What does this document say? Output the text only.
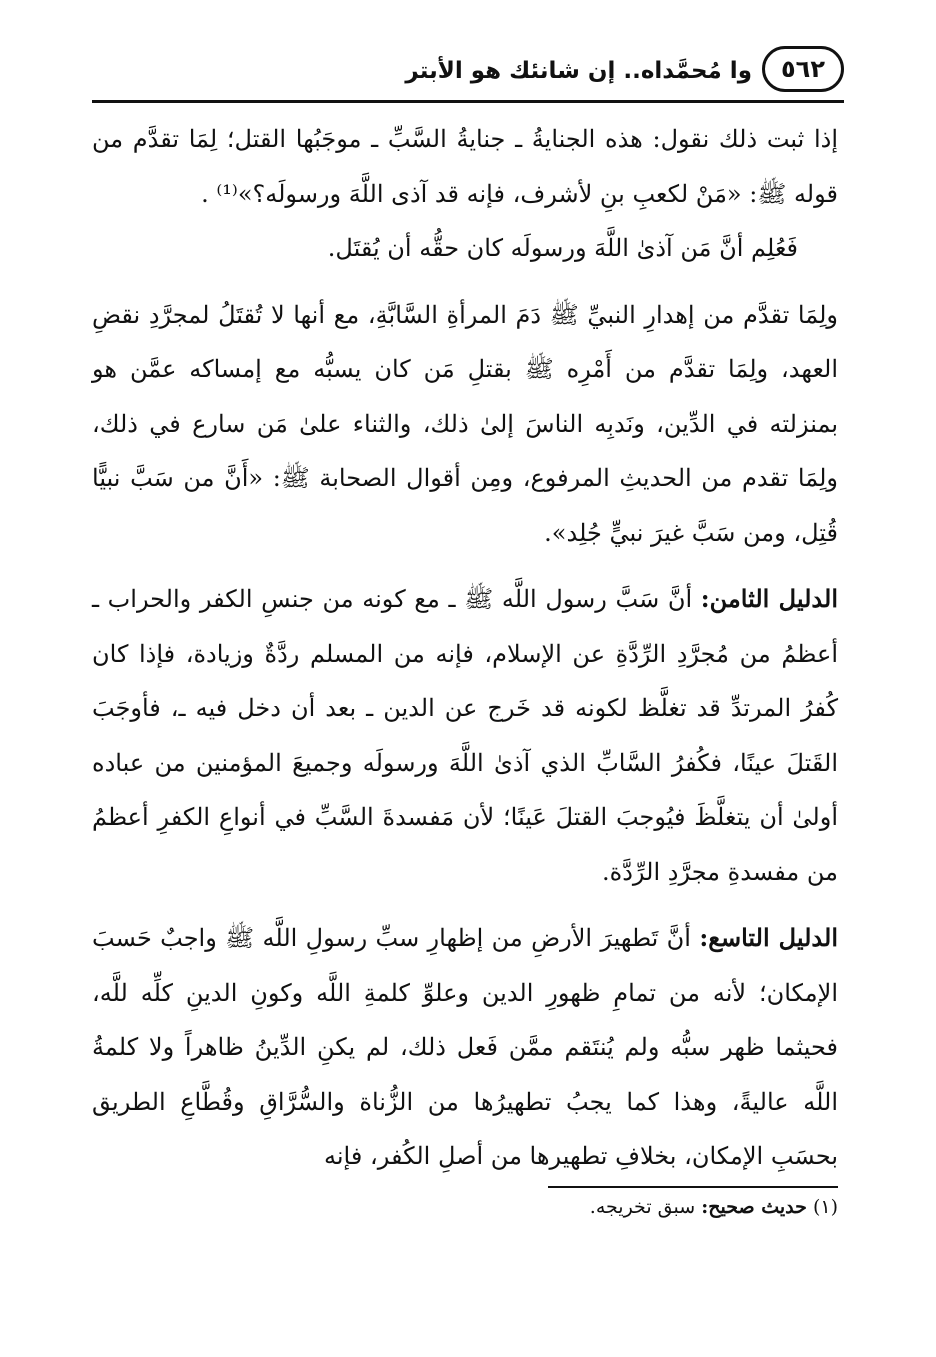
وا مُحمَّداه.. إن شانئك هو الأبتر	٥٦٢

إذا ثبت ذلك نقول: هذه الجنايةُ ـ جنايةُ السَّبِّ ـ موجَبُها القتل؛ لِمَا تقدَّم من قوله ﷺ: «مَنْ لكعبِ بنِ لأشرف، فإنه قد آذى اللَّهَ ورسولَه؟»⁽¹⁾ .

فَعُلِم أنَّ مَن آذىٰ اللَّهَ ورسولَه كان حقُّه أن يُقتَل.

ولِمَا تقدَّم من إهدارِ النبيِّ ﷺ دَمَ المرأةِ السَّابَّةِ، مع أنها لا تُقتَلُ لمجرَّدِ نقضِ العهد، ولِمَا تقدَّم من أَمْرِه ﷺ بقتلِ مَن كان يسبُّه مع إمساكه عمَّن هو بمنزلته في الدِّين، ونَدبِه الناسَ إلىٰ ذلك، والثناء علىٰ مَن سارع في ذلك، ولِمَا تقدم من الحديثِ المرفوع، ومِن أقوال الصحابة ﷺ: «أَنَّ من سَبَّ نبيًّا قُتِل، ومن سَبَّ غيرَ نبيٍّ جُلِد».

الدليل الثامن: أنَّ سَبَّ رسول اللَّه ﷺ ـ مع كونه من جنسِ الكفر والحراب ـ أعظمُ من مُجرَّدِ الرِّدَّةِ عن الإسلام، فإنه من المسلم ردَّةٌ وزيادة، فإذا كان كُفرُ المرتدِّ قد تغلَّظ لكونه قد خَرج عن الدين ـ بعد أن دخل فيه ـ، فأوجَبَ القَتلَ عينًا، فكُفرُ السَّابِّ الذي آذىٰ اللَّهَ ورسولَه وجميعَ المؤمنين من عباده أولىٰ أن يتغلَّظَ فيُوجبَ القتلَ عَينًا؛ لأن مَفسدةَ السَّبِّ في أنواعِ الكفرِ أعظمُ من مفسدةِ مجرَّدِ الرِّدَّة.

الدليل التاسع: أنَّ تَطهيرَ الأرضِ من إظهارِ سبِّ رسولِ اللَّه ﷺ واجبٌ حَسبَ الإمكان؛ لأنه من تمامِ ظهورِ الدين وعلوِّ كلمةِ اللَّه وكونِ الدينِ كلِّه للَّه، فحيثما ظهر سبُّه ولم يُنتَقم ممَّن فَعل ذلك، لم يكنِ الدِّينُ ظاهراً ولا كلمةُ اللَّه عاليةً، وهذا كما يجبُ تطهيرُها من الزُّناة والسُّرَّاقِ وقُطَّاعِ الطريق بحسَبِ الإمكان، بخلافِ تطهيرها من أصلِ الكُفر، فإنه

(١) حديث صحيح: سبق تخريجه.
